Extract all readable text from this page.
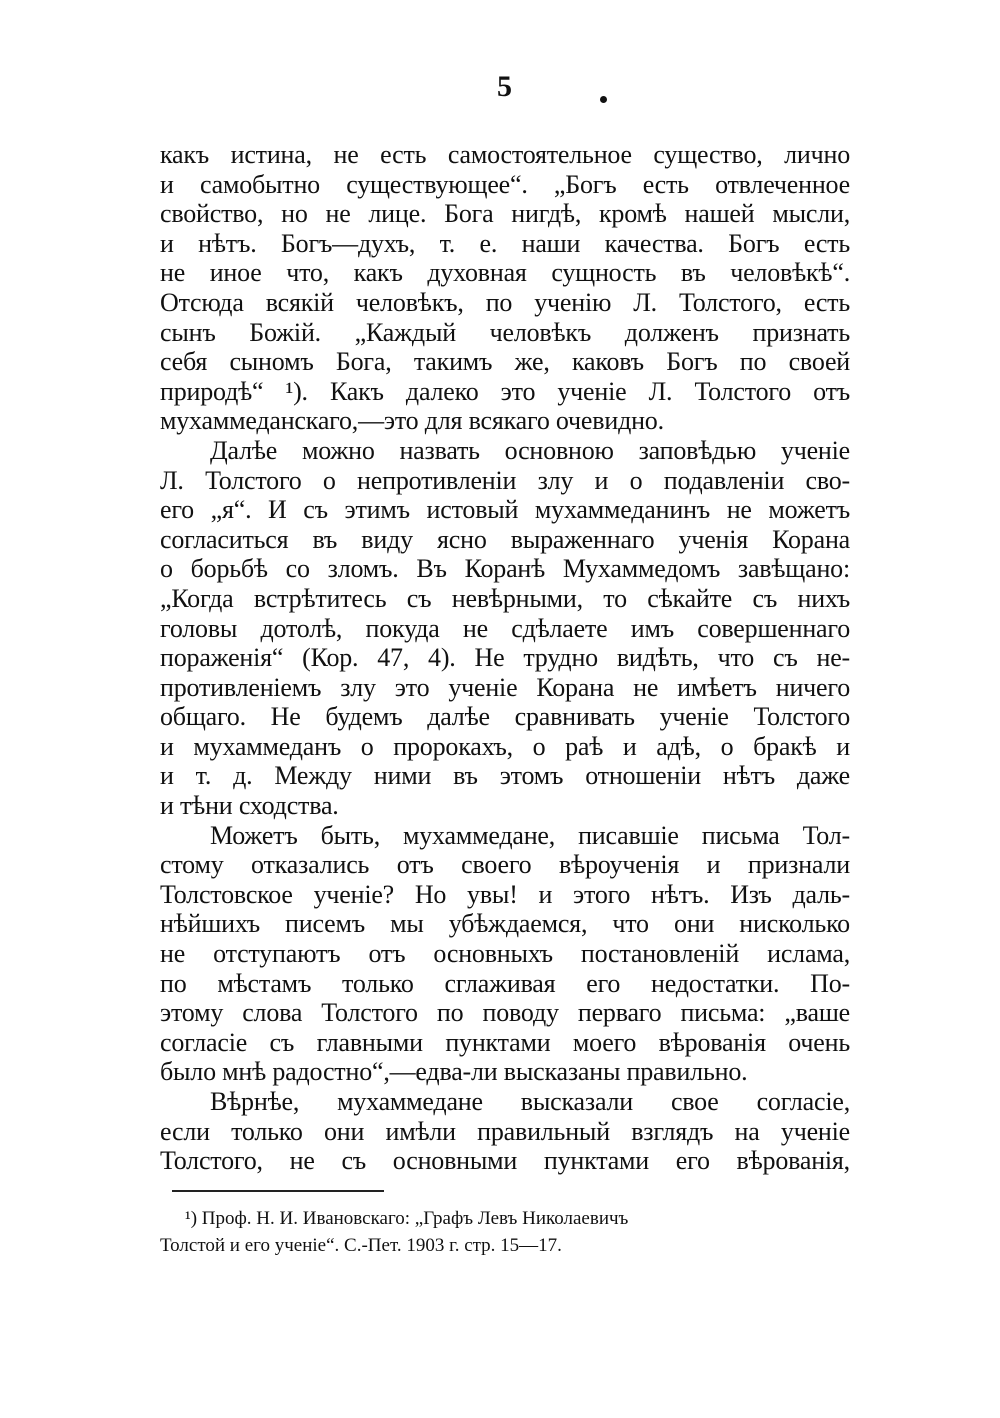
5
какъ истина, не есть самостоятельное существо, лично
и самобытно существующее“. „Богъ есть отвлеченное
свойство, но не лице. Бога нигдѣ, кромѣ нашей мысли,
и нѣтъ. Богъ—духъ, т. е. наши качества. Богъ есть
не иное что, какъ духовная сущность въ человѣкѣ“.
Отсюда всякій человѣкъ, по ученію Л. Толстого, есть
сынъ Божій. „Каждый человѣкъ долженъ признать
себя сыномъ Бога, такимъ же, каковъ Богъ по своей
природѣ“ ¹). Какъ далеко это ученіе Л. Толстого отъ
мухаммеданскаго,—это для всякаго очевидно.
Далѣе можно назвать основною заповѣдью ученіе
Л. Толстого о непротивленіи злу и о подавленіи сво-
его „я“. И съ этимъ истовый мухаммеданинъ не можетъ
согласиться въ виду ясно выраженнаго ученія Корана
о борьбѣ со зломъ. Въ Коранѣ Мухаммедомъ завѣщано:
„Когда встрѣтитесь съ невѣрными, то сѣкайте съ нихъ
головы дотолѣ, покуда не сдѣлаете имъ совершеннаго
пораженія“ (Кор. 47, 4). Не трудно видѣть, что съ не-
противленіемъ злу это ученіе Корана не имѣетъ ничего
общаго. Не будемъ далѣе сравнивать ученіе Толстого
и мухаммеданъ о пророкахъ, о раѣ и адѣ, о бракѣ и
и т. д. Между ними въ этомъ отношеніи нѣтъ даже
и тѣни сходства.
Можетъ быть, мухаммедане, писавшіе письма Тол-
стому отказались отъ своего вѣроученія и признали
Толстовское ученіе? Но увы! и этого нѣтъ. Изъ даль-
нѣйшихъ писемъ мы убѣждаемся, что они нисколько
не отступаютъ отъ основныхъ постановленій ислама,
по мѣстамъ только сглаживая его недостатки. По-
этому слова Толстого по поводу перваго письма: „ваше
согласіе съ главными пунктами моего вѣрованія очень
было мнѣ радостно“,—едва-ли высказаны правильно.
Вѣрнѣе, мухаммедане высказали свое согласіе,
если только они имѣли правильный взглядъ на ученіе
Толстого, не съ основными пунктами его вѣрованія,
¹) Проф. Н. И. Ивановскаго: „Графъ Левъ Николаевичъ
Толстой и его ученіе“. С.-Пет. 1903 г. стр. 15—17.
